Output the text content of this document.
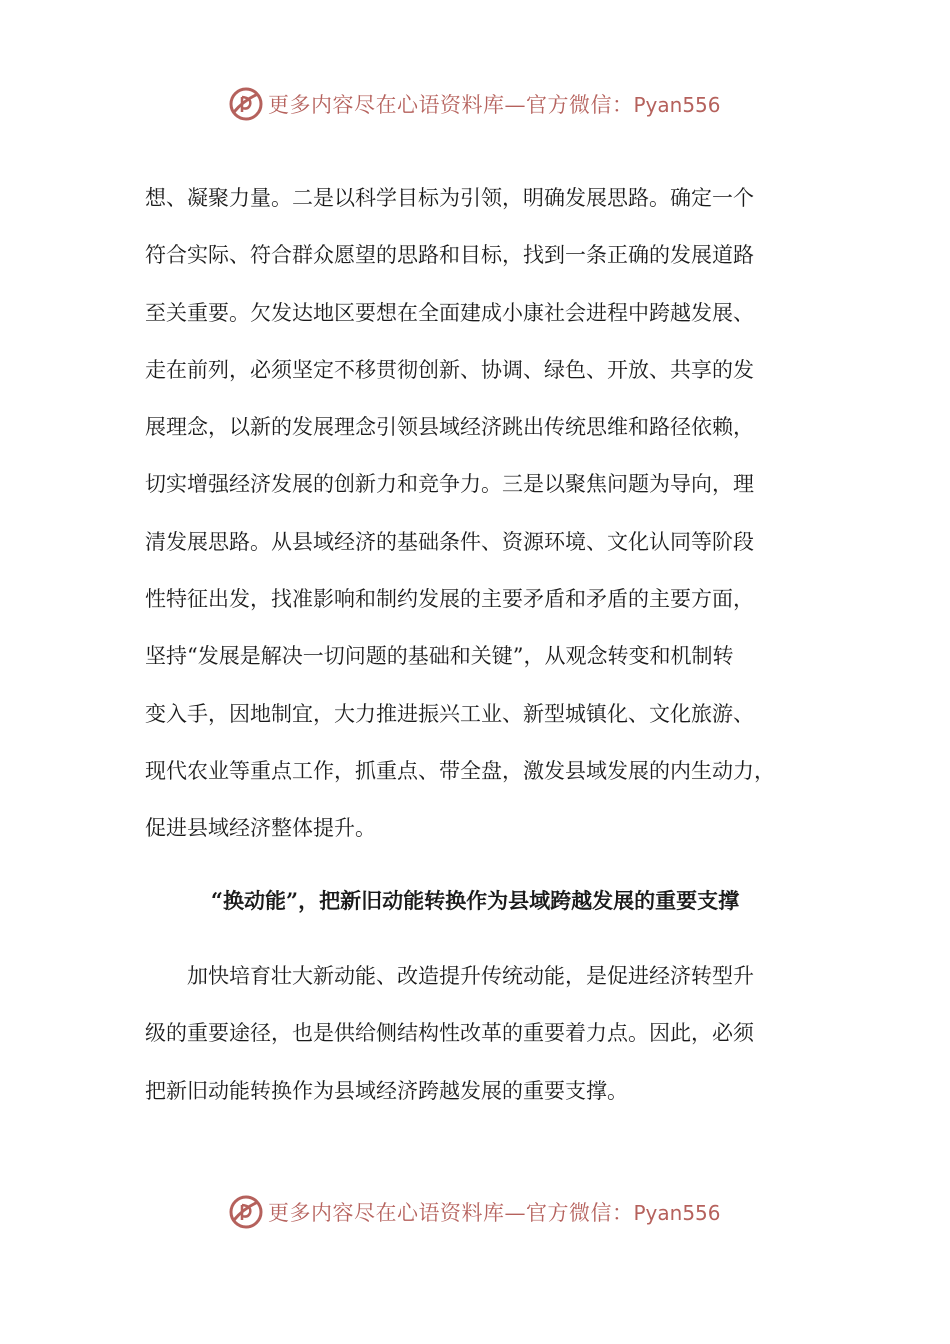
更多内容尽在心语资料库—官方微信：Pyan556
想、凝聚力量。二是以科学目标为引领，明确发展思路。确定一个
符合实际、符合群众愿望的思路和目标，找到一条正确的发展道路
至关重要。欠发达地区要想在全面建成小康社会进程中跨越发展、
走在前列，必须坚定不移贯彻创新、协调、绿色、开放、共享的发
展理念，以新的发展理念引领县域经济跳出传统思维和路径依赖，
切实增强经济发展的创新力和竞争力。三是以聚焦问题为导向，理
清发展思路。从县域经济的基础条件、资源环境、文化认同等阶段
性特征出发，找准影响和制约发展的主要矛盾和矛盾的主要方面，
坚持“发展是解决一切问题的基础和关键”，从观念转变和机制转
变入手，因地制宜，大力推进振兴工业、新型城镇化、文化旅游、
现代农业等重点工作，抓重点、带全盘，激发县域发展的内生动力，
促进县域经济整体提升。
“换动能”，把新旧动能转换作为县域跨越发展的重要支撑
加快培育壮大新动能、改造提升传统动能，是促进经济转型升
级的重要途径，也是供给侧结构性改革的重要着力点。因此，必须
把新旧动能转换作为县域经济跨越发展的重要支撑。
更多内容尽在心语资料库—官方微信：Pyan556
